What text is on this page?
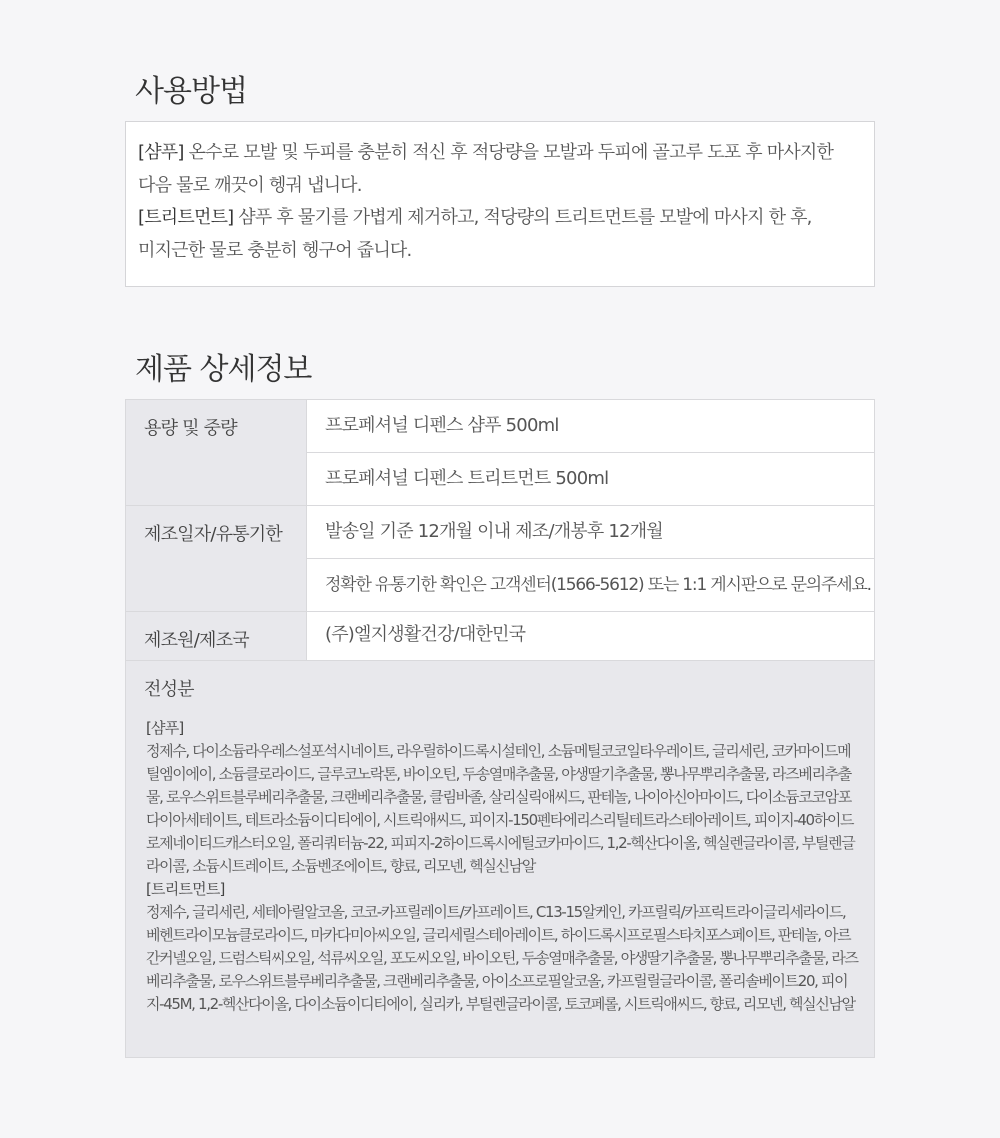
사용방법

[샴푸] 온수로 모발 및 두피를 충분히 적신 후 적당량을 모발과 두피에 골고루 도포 후 마사지한

다음 물로 깨끗이 헹궈 냅니다.

[트리트먼트] 샴푸 후 물기를 가볍게 제거하고, 적당량의 트리트먼트를 모발에 마사지 한 후,

미지근한 물로 충분히 헹구어 줍니다.

제품 상세정보
용량 및 중량	프로페셔널 디펜스 샴푸 500ml
	프로페셔널 디펜스 트리트먼트 500ml
제조일자/유통기한	발송일 기준 12개월 이내 제조/개봉후 12개월
	정확한 유통기한 확인은 고객센터(1566-5612) 또는 1:1 게시판으로 문의주세요.
제조원/제조국	(주)엘지생활건강/대한민국
전성분
[샴푸]
정제수, 다이소듐라우레스설포석시네이트, 라우릴하이드록시설테인, 소듐메틸코코일타우레이트, 글리세린, 코카마이드메틸엠이에이, 소듐클로라이드, 글루코노락톤, 바이오틴, 두송열매추출물, 야생딸기추출물, 뽕나무뿌리추출물, 라즈베리추출물, 로우스위트블루베리추출물, 크랜베리추출물, 클림바졸, 살리실릭애씨드, 판테놀, 나이아신아마이드, 다이소듐코코암포다이아세테이트, 테트라소듐이디티에이, 시트릭애씨드, 피이지-150펜타에리스리틸테트라스테아레이트, 피이지-40하이드로제네이티드캐스터오일, 폴리쿼터늄-22, 피피지-2하이드록시에틸코카마이드, 1,2-헥산다이올, 헥실렌글라이콜, 부틸렌글라이콜, 소듐시트레이트, 소듐벤조에이트, 향료, 리모넨, 헥실신남알
[트리트먼트]
정제수, 글리세린, 세테아릴알코올, 코코-카프릴레이트/카프레이트, C13-15알케인, 카프릴릭/카프릭트라이글리세라이드, 베헨트라이모늄클로라이드, 마카다미아씨오일, 글리세릴스테아레이트, 하이드록시프로필스타치포스페이트, 판테놀, 아르간커넬오일, 드럼스틱씨오일, 석류씨오일, 포도씨오일, 바이오틴, 두송열매추출물, 야생딸기추출물, 뽕나무뿌리추출물, 라즈베리추출물, 로우스위트블루베리추출물, 크랜베리추출물, 아이소프로필알코올, 카프릴릴글라이콜, 폴리솔베이트20, 피이지-45M, 1,2-헥산다이올, 다이소듐이디티에이, 실리카, 부틸렌글라이콜, 토코페롤, 시트릭애씨드, 향료, 리모넨, 헥실신남알
